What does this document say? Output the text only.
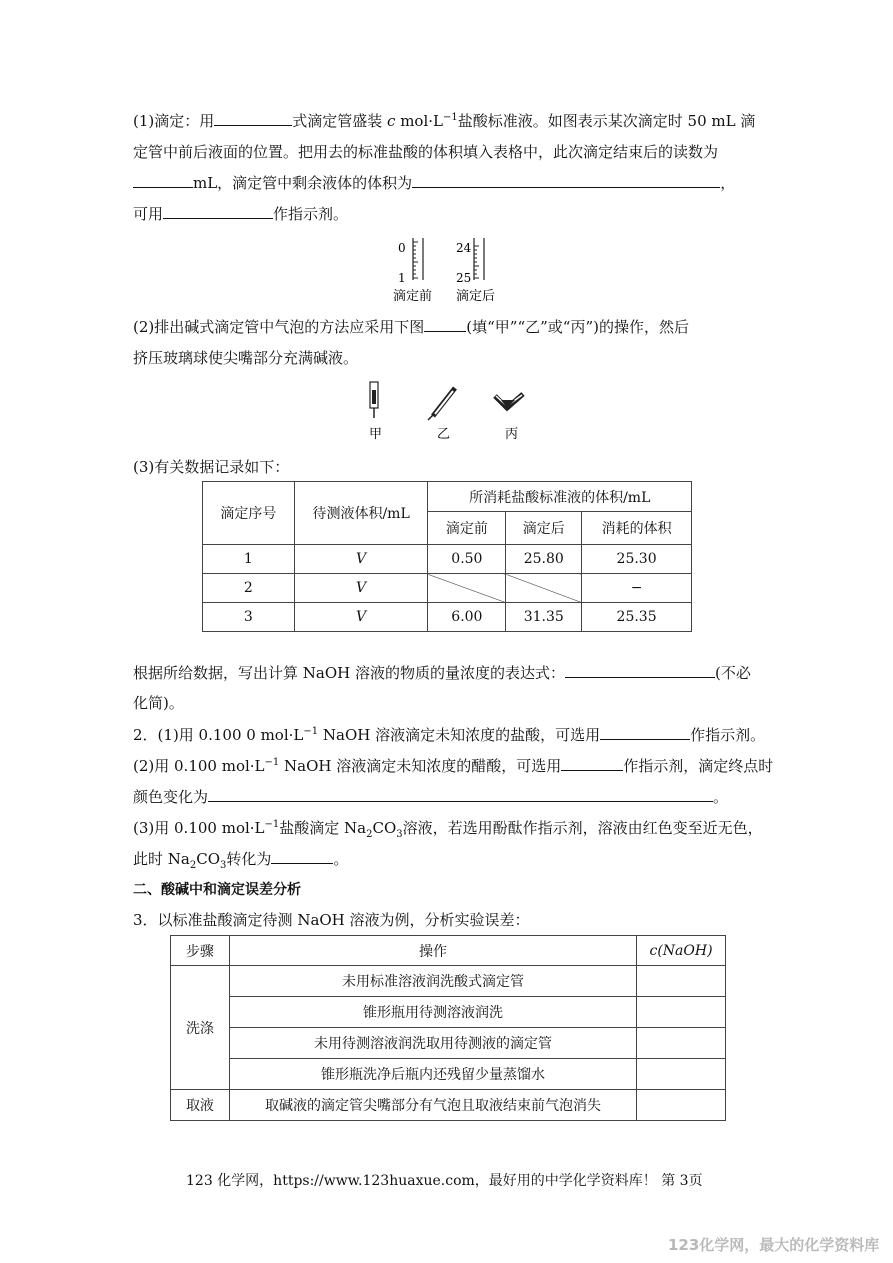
(1)滴定：用	式滴定管盛装 c $mol\cdot L^{-1}$盐酸标准液。如图表示某次滴定时 50 mL 滴
定管中前后液面的位置。把用去的标准盐酸的体积填入表格中，此次滴定结束后的读数为
mL，滴定管中剩余液体的体积为	，
可用	作指示剂。
0
1
24
25
滴定前 滴定后
(2)排出碱式滴定管中气泡的方法应采用下图	(填“甲”“乙”或“丙”)的操作，然后
挤压玻璃球使尖嘴部分充满碱液。
甲	乙	丙
(3)有关数据记录如下：
滴定序号	待测液体积/mL	所消耗盐酸标准液的体积/mL		
		滴定前	滴定后	消耗的体积
1	V	0.50	25.80	25.30
2	V			−
3	V	6.00	31.35	25.35
根据所给数据，写出计算 NaOH 溶液的物质的量浓度的表达式：	(不必
化简)。
2．(1)用 0.100 0 $mol\cdot L^{-1}$ NaOH 溶液滴定未知浓度的盐酸，可选用	作指示剂。
(2)用 0.100 $mol\cdot L^{-1}$ NaOH 溶液滴定未知浓度的醋酸，可选用	作指示剂，滴定终点时
颜色变化为	。
(3)用 0.100 $mol\cdot L^{-1}$盐酸滴定 $Na_2CO_3$溶液，若选用酚酞作指示剂，溶液由红色变至近无色，
此时 $Na_2CO_3$转化为	。
二、酸碱中和滴定误差分析
3．以标准盐酸滴定待测 NaOH 溶液为例，分析实验误差：
步骤	操作	c(NaOH)
洗涤	未用标准溶液润洗酸式滴定管	
	锥形瓶用待测溶液润洗	
	未用待测溶液润洗取用待测液的滴定管	
	锥形瓶洗净后瓶内还残留少量蒸馏水	
取液	取碱液的滴定管尖嘴部分有气泡且取液结束前气泡消失	
123 化学网，https://www.123huaxue.com，最好用的中学化学资料库！ 第 3页
123化学网，最大的化学资料库
